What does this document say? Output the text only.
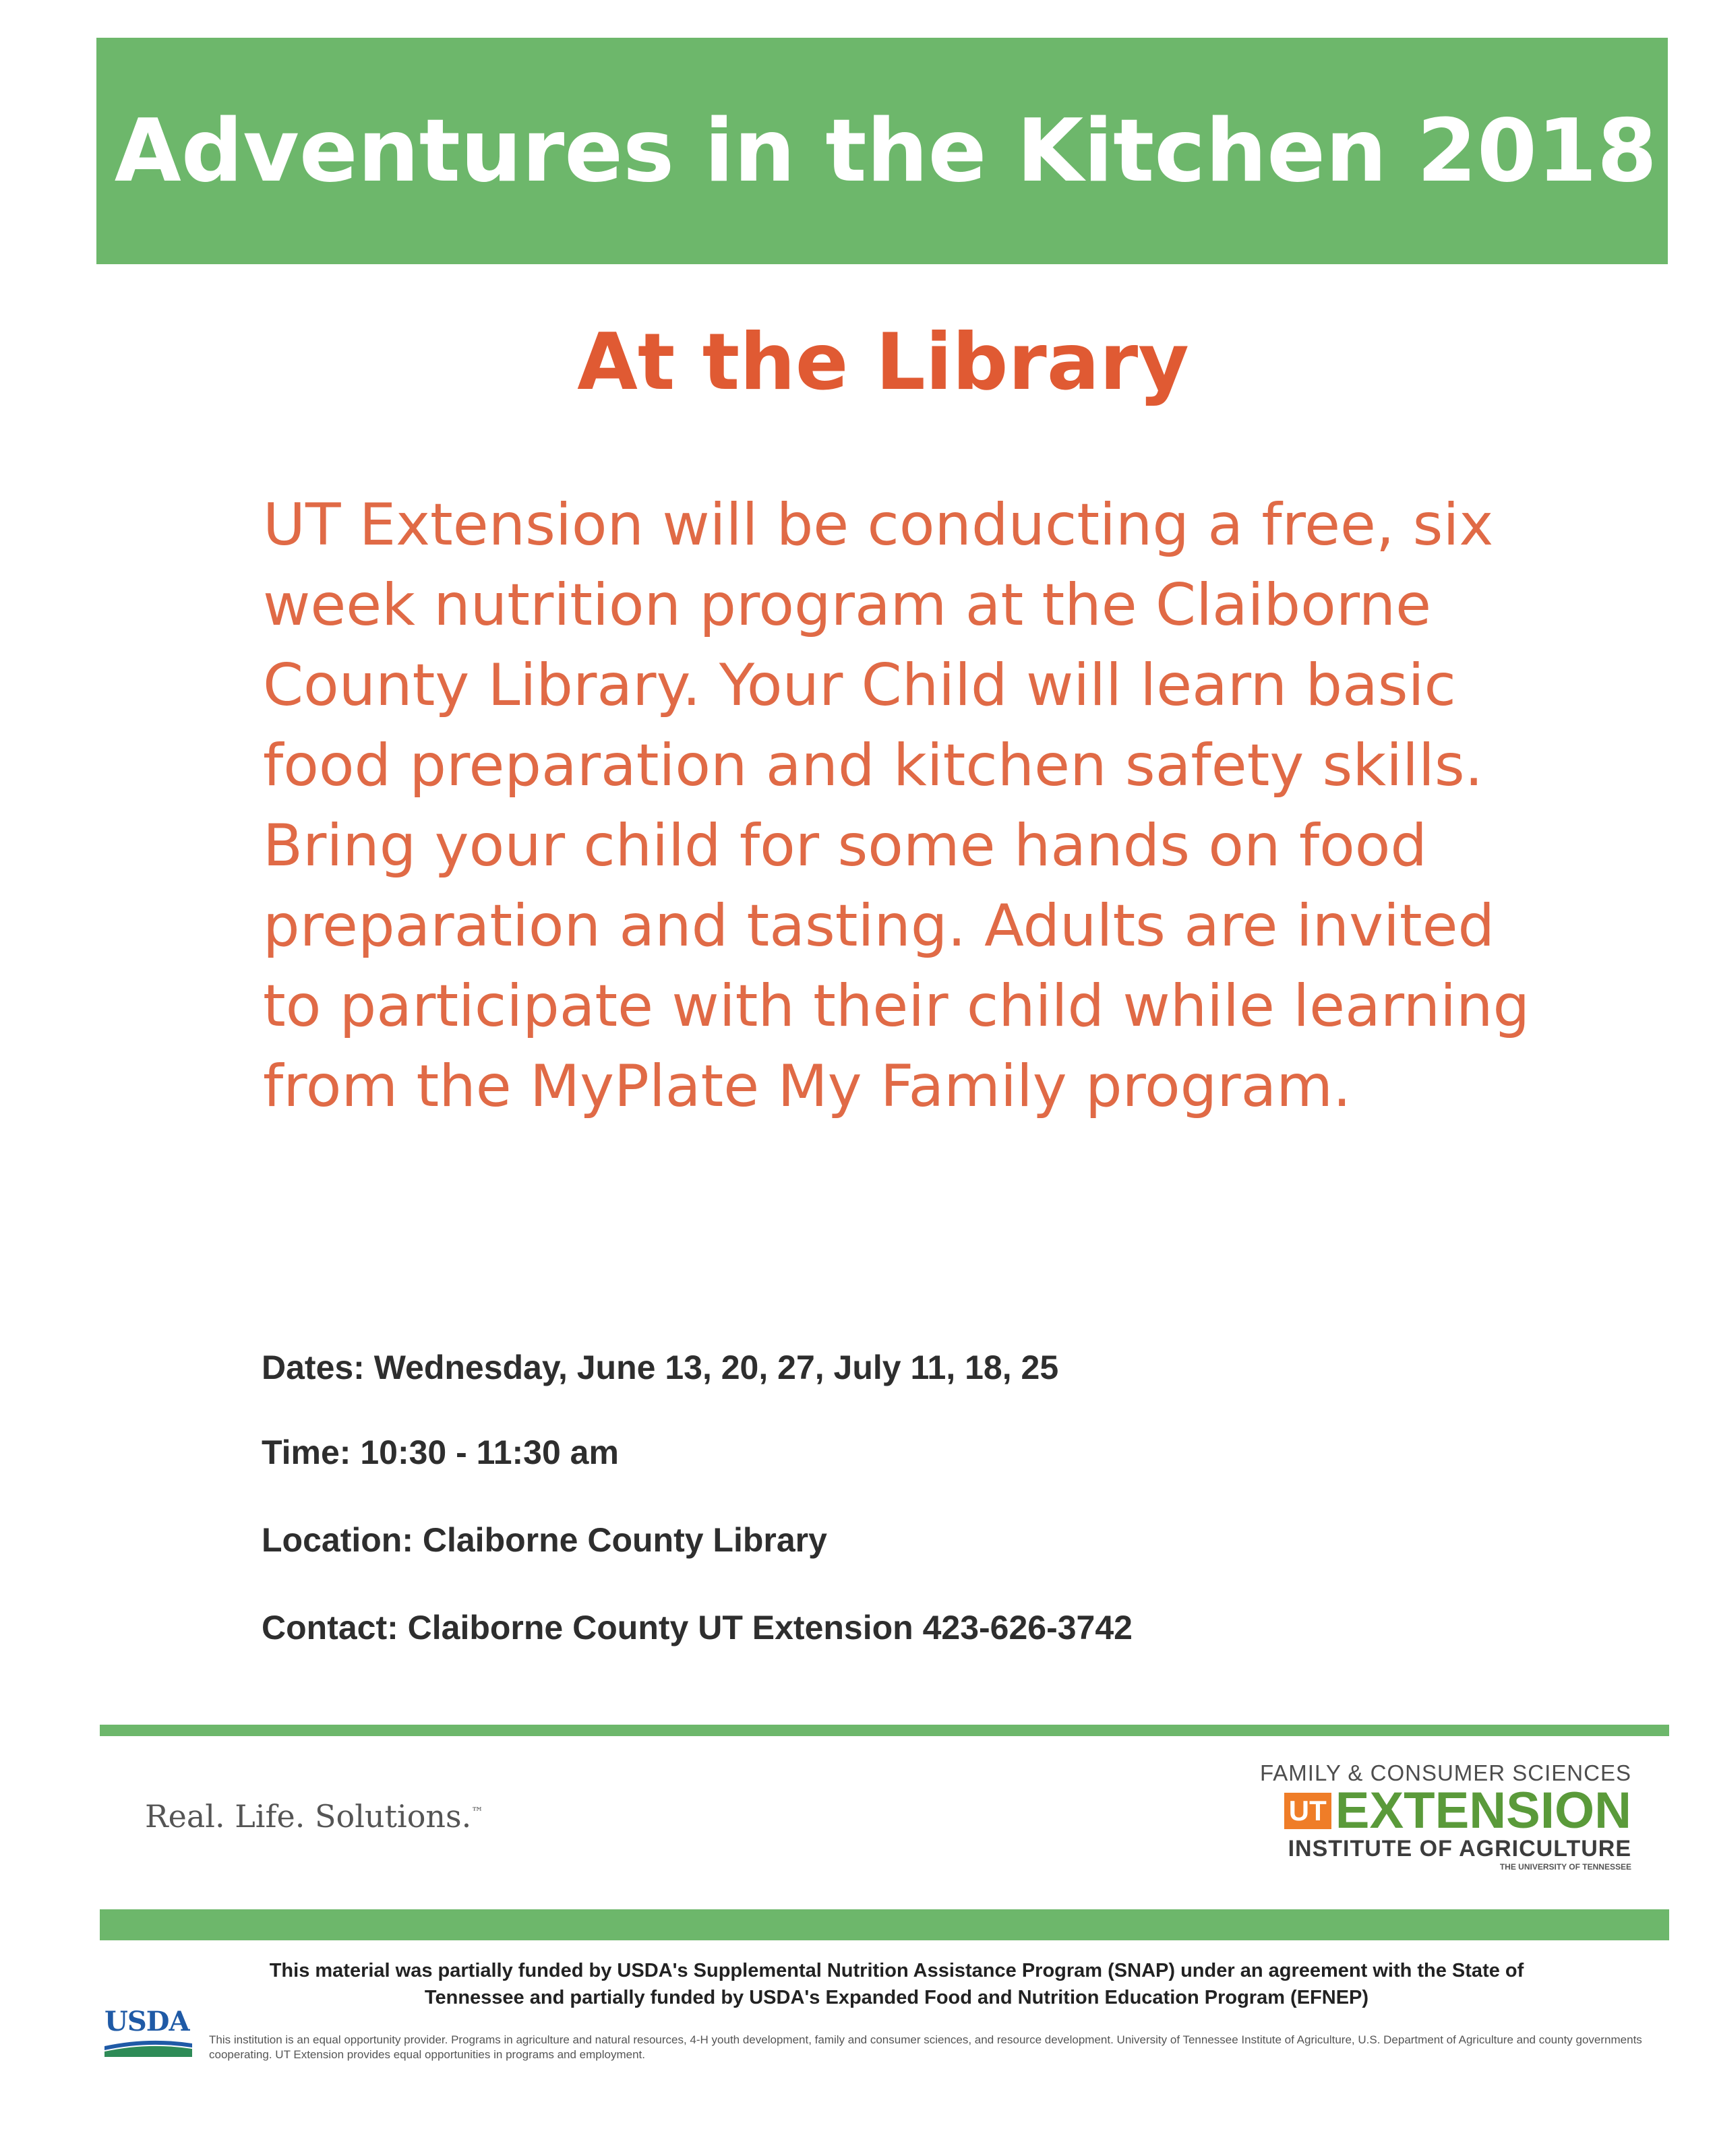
Adventures in the Kitchen 2018
At the Library
UT Extension will be conducting a free, six week nutrition program at the Claiborne County Library. Your Child will learn basic food preparation and kitchen safety skills. Bring your child for some hands on food preparation and tasting. Adults are invited to participate with their child while learning from the MyPlate My Family program.
Dates: Wednesday, June 13, 20, 27, July 11, 18, 25
Time: 10:30 - 11:30 am
Location: Claiborne County Library
Contact: Claiborne County UT Extension 423-626-3742
Real. Life. Solutions.™
FAMILY & CONSUMER SCIENCES
UT EXTENSION
INSTITUTE OF AGRICULTURE
THE UNIVERSITY OF TENNESSEE
This material was partially funded by USDA's Supplemental Nutrition Assistance Program (SNAP) under an agreement with the State of
Tennessee and partially funded by USDA's Expanded Food and Nutrition Education Program (EFNEP)
USDA
This institution is an equal opportunity provider. Programs in agriculture and natural resources, 4-H youth development, family and consumer sciences, and resource development. University of Tennessee Institute of Agriculture, U.S. Department of Agriculture and county governments cooperating. UT Extension provides equal opportunities in programs and employment.
